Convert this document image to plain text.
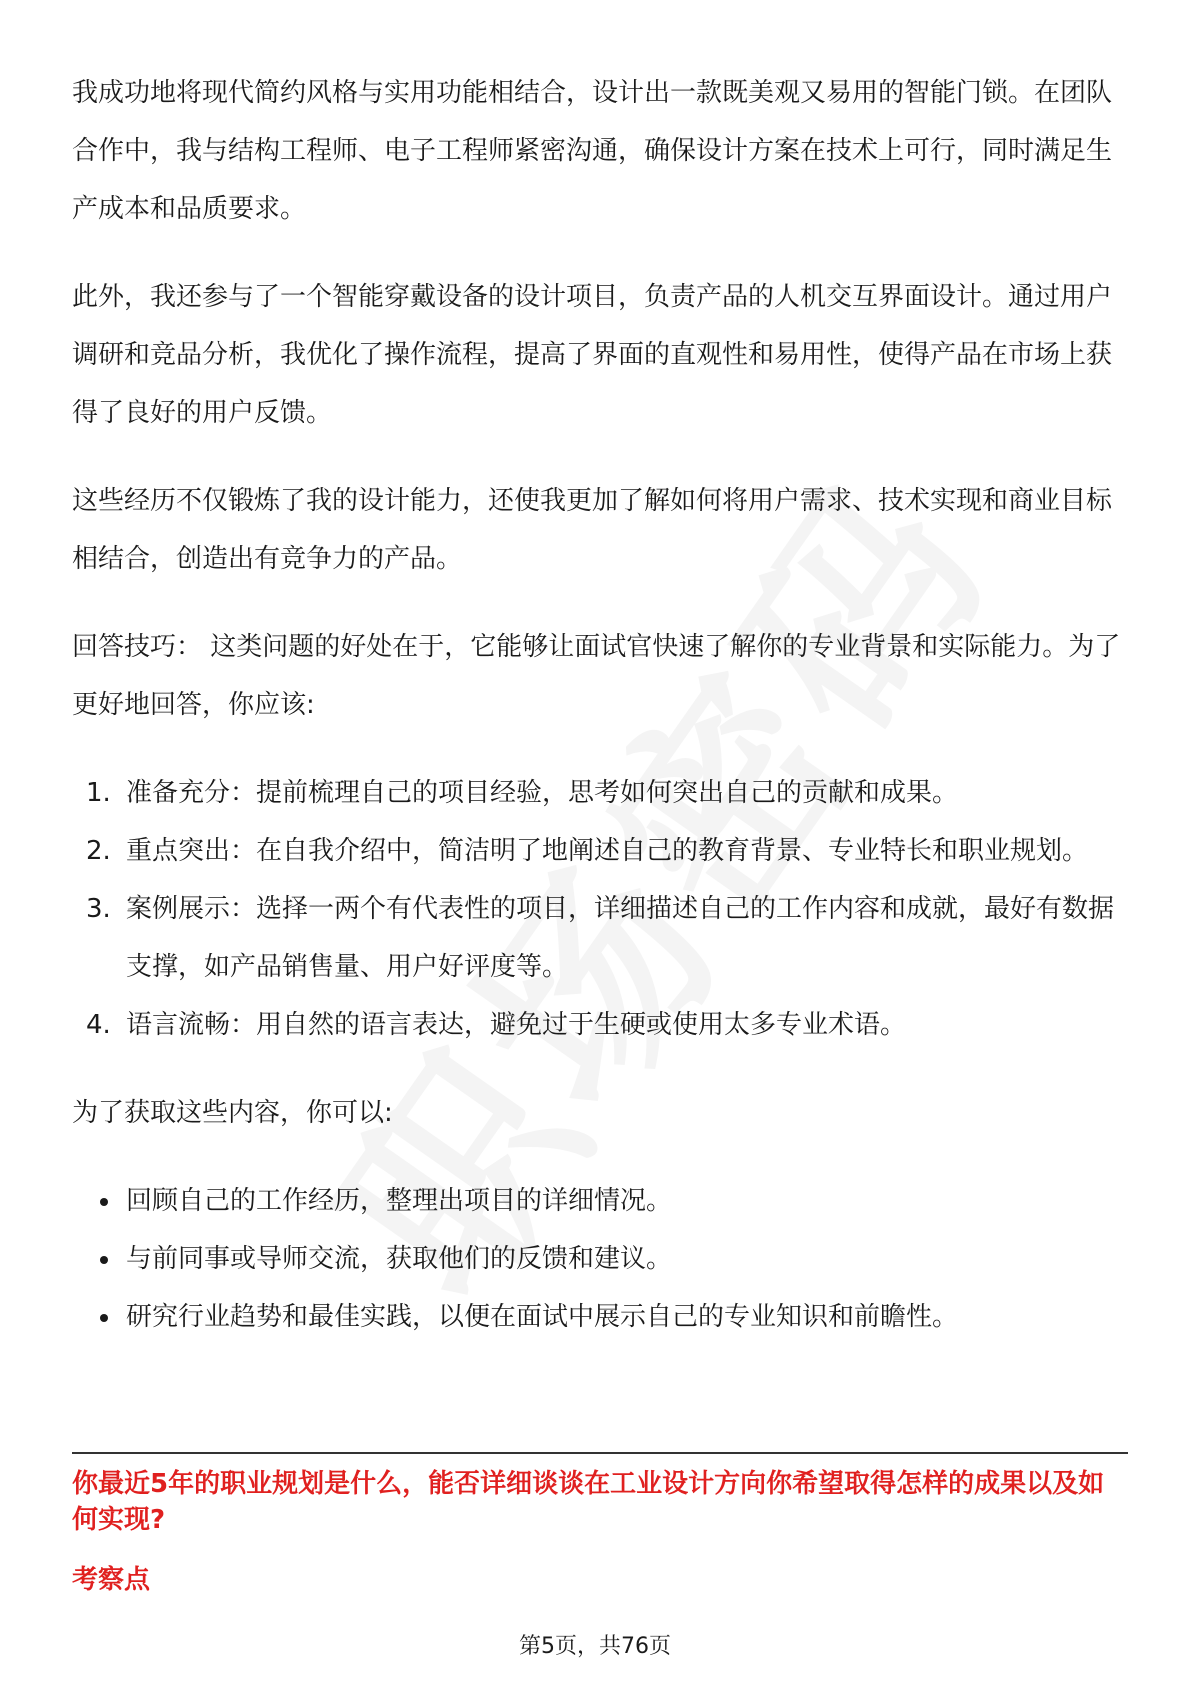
我成功地将现代简约风格与实用功能相结合，设计出一款既美观又易用的智能门锁。在团队合作中，我与结构工程师、电子工程师紧密沟通，确保设计方案在技术上可行，同时满足生产成本和品质要求。

此外，我还参与了一个智能穿戴设备的设计项目，负责产品的人机交互界面设计。通过用户调研和竞品分析，我优化了操作流程，提高了界面的直观性和易用性，使得产品在市场上获得了良好的用户反馈。

这些经历不仅锻炼了我的设计能力，还使我更加了解如何将用户需求、技术实现和商业目标相结合，创造出有竞争力的产品。

回答技巧： 这类问题的好处在于，它能够让面试官快速了解你的专业背景和实际能力。为了更好地回答，你应该:

1. 准备充分：提前梳理自己的项目经验，思考如何突出自己的贡献和成果。
2. 重点突出：在自我介绍中，简洁明了地阐述自己的教育背景、专业特长和职业规划。
3. 案例展示：选择一两个有代表性的项目，详细描述自己的工作内容和成就，最好有数据支撑，如产品销售量、用户好评度等。
4. 语言流畅：用自然的语言表达，避免过于生硬或使用太多专业术语。

为了获取这些内容，你可以:

回顾自己的工作经历，整理出项目的详细情况。
与前同事或导师交流，获取他们的反馈和建议。
研究行业趋势和最佳实践，以便在面试中展示自己的专业知识和前瞻性。
你最近5年的职业规划是什么，能否详细谈谈在工业设计方向你希望取得怎样的成果以及如何实现?
考察点
第5页，共76页
